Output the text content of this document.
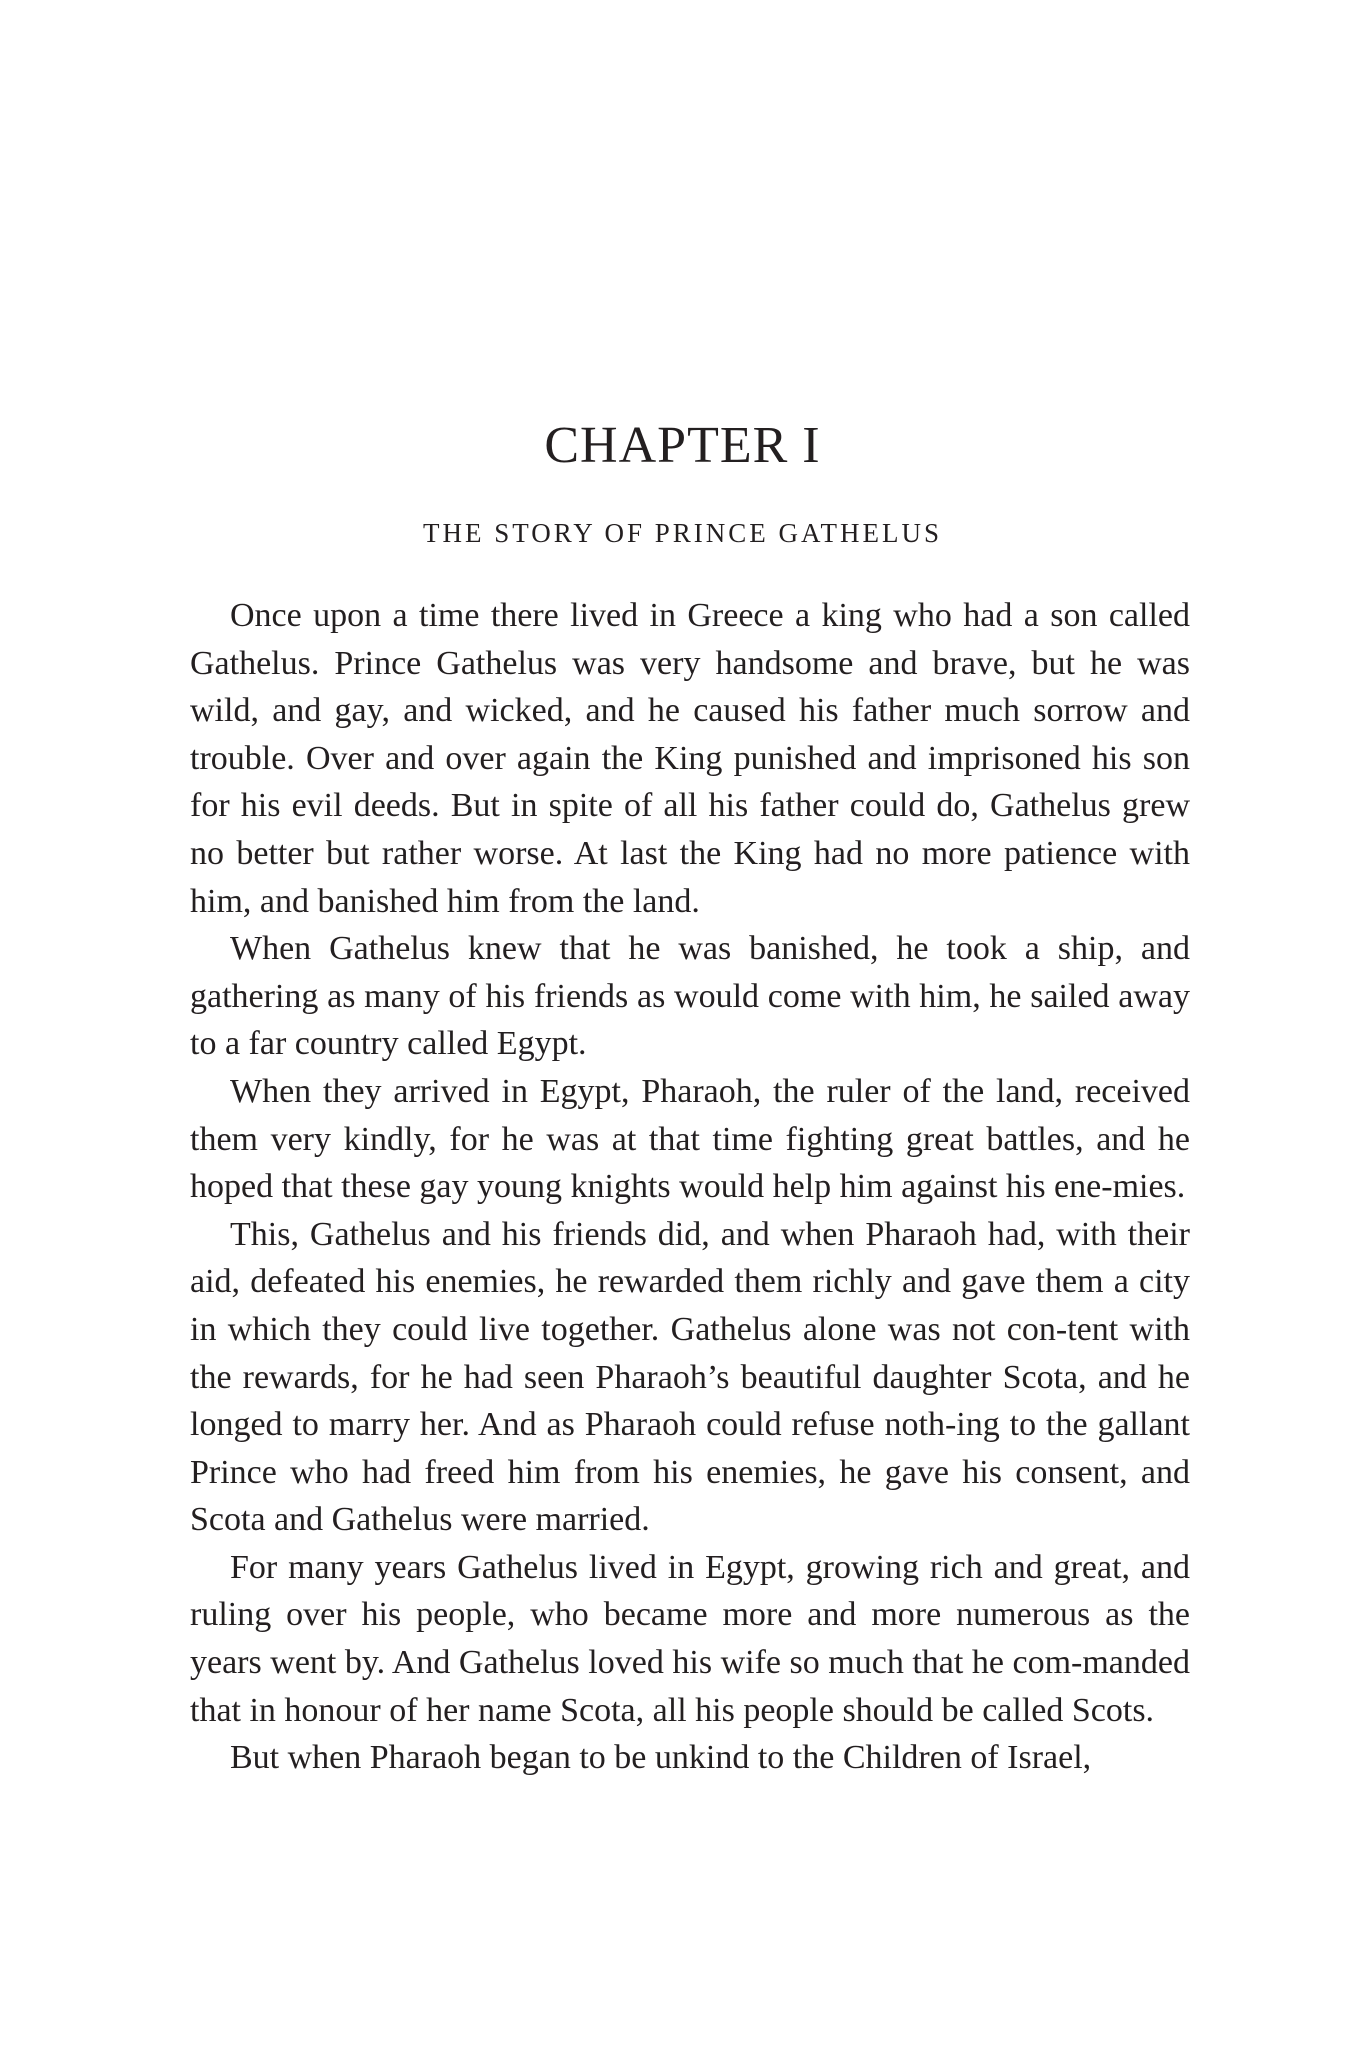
CHAPTER I
THE STORY OF PRINCE GATHELUS

Once upon a time there lived in Greece a king who had a son called Gathelus. Prince Gathelus was very handsome and brave, but he was wild, and gay, and wicked, and he caused his father much sorrow and trouble. Over and over again the King punished and imprisoned his son for his evil deeds. But in spite of all his father could do, Gathelus grew no better but rather worse. At last the King had no more patience with him, and banished him from the land.

When Gathelus knew that he was banished, he took a ship, and gathering as many of his friends as would come with him, he sailed away to a far country called Egypt.

When they arrived in Egypt, Pharaoh, the ruler of the land, received them very kindly, for he was at that time fighting great battles, and he hoped that these gay young knights would help him against his ene-mies.

This, Gathelus and his friends did, and when Pharaoh had, with their aid, defeated his enemies, he rewarded them richly and gave them a city in which they could live together. Gathelus alone was not con-tent with the rewards, for he had seen Pharaoh’s beautiful daughter Scota, and he longed to marry her. And as Pharaoh could refuse noth-ing to the gallant Prince who had freed him from his enemies, he gave his consent, and Scota and Gathelus were married.

For many years Gathelus lived in Egypt, growing rich and great, and ruling over his people, who became more and more numerous as the years went by. And Gathelus loved his wife so much that he com-manded that in honour of her name Scota, all his people should be called Scots.

But when Pharaoh began to be unkind to the Children of Israel,
